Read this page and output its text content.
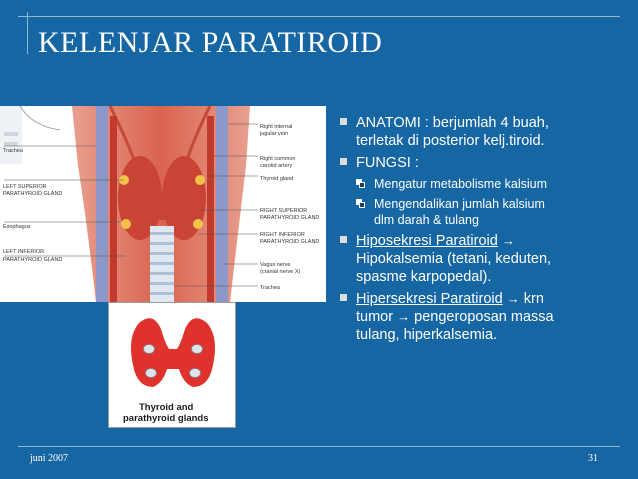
KELENJAR PARATIROID
Trachea
LEFT SUPERIOR
PARATHYROID GLAND
Esophagus
LEFT INFERIOR
PARATHYROID GLAND
Right internal
jugular vein
Right common
carotid artery
Thyroid gland
RIGHT SUPERIOR
PARATHYROID GLAND
RIGHT INFERIOR
PARATHYROID GLAND
Vagus nerve
(cranial nerve X)
Trachea
Thyroid and
parathyroid glands
ANATOMI : berjumlah 4 buah,
terletak di posterior kelj.tiroid.
FUNGSI :
Mengatur metabolisme kalsium
Mengendalikan jumlah kalsium
dlm darah & tulang
Hiposekresi Paratiroid →
Hipokalsemia (tetani, keduten,
spasme karpopedal).
Hipersekresi Paratiroid → krn
tumor → pengeroposan massa
tulang, hiperkalsemia.
juni 2007	31
